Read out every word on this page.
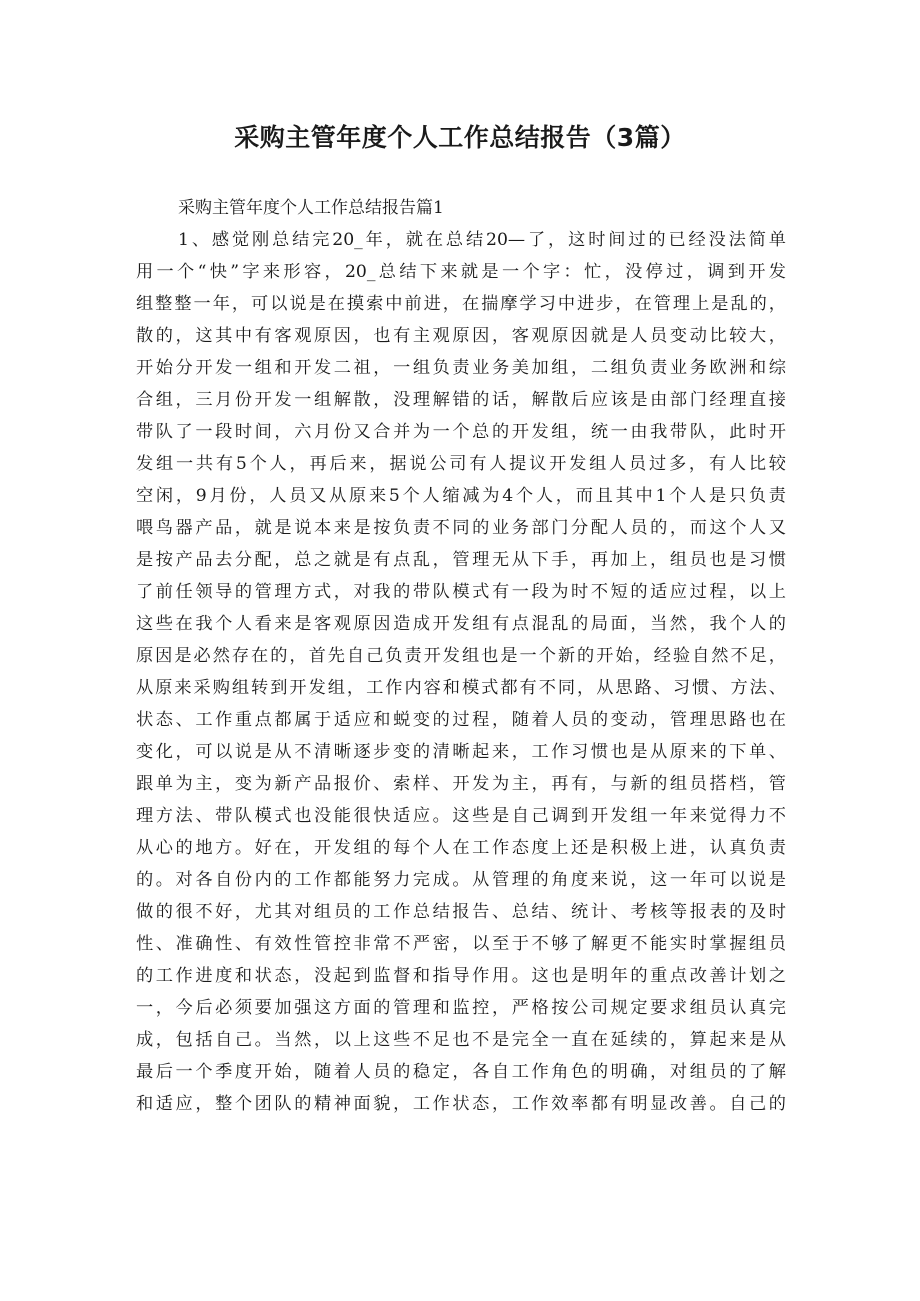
采购主管年度个人工作总结报告（3篇）

采购主管年度个人工作总结报告篇1

1、感觉刚总结完20_年，就在总结20—了，这时间过的已经没法简单

用一个“快”字来形容，20_总结下来就是一个字：忙，没停过，调到开发

组整整一年，可以说是在摸索中前进，在揣摩学习中进步，在管理上是乱的，

散的，这其中有客观原因，也有主观原因，客观原因就是人员变动比较大，

开始分开发一组和开发二祖，一组负责业务美加组，二组负责业务欧洲和综

合组，三月份开发一组解散，没理解错的话，解散后应该是由部门经理直接

带队了一段时间，六月份又合并为一个总的开发组，统一由我带队，此时开

发组一共有5个人，再后来，据说公司有人提议开发组人员过多，有人比较

空闲，9月份，人员又从原来5个人缩减为4个人，而且其中1个人是只负责

喂鸟器产品，就是说本来是按负责不同的业务部门分配人员的，而这个人又

是按产品去分配，总之就是有点乱，管理无从下手，再加上，组员也是习惯

了前任领导的管理方式，对我的带队模式有一段为时不短的适应过程，以上

这些在我个人看来是客观原因造成开发组有点混乱的局面，当然，我个人的

原因是必然存在的，首先自己负责开发组也是一个新的开始，经验自然不足，

从原来采购组转到开发组，工作内容和模式都有不同，从思路、习惯、方法、

状态、工作重点都属于适应和蜕变的过程，随着人员的变动，管理思路也在

变化，可以说是从不清晰逐步变的清晰起来，工作习惯也是从原来的下单、

跟单为主，变为新产品报价、索样、开发为主，再有，与新的组员搭档，管

理方法、带队模式也没能很快适应。这些是自己调到开发组一年来觉得力不

从心的地方。好在，开发组的每个人在工作态度上还是积极上进，认真负责

的。对各自份内的工作都能努力完成。从管理的角度来说，这一年可以说是

做的很不好，尤其对组员的工作总结报告、总结、统计、考核等报表的及时

性、准确性、有效性管控非常不严密，以至于不够了解更不能实时掌握组员

的工作进度和状态，没起到监督和指导作用。这也是明年的重点改善计划之

一，今后必须要加强这方面的管理和监控，严格按公司规定要求组员认真完

成，包括自己。当然，以上这些不足也不是完全一直在延续的，算起来是从

最后一个季度开始，随着人员的稳定，各自工作角色的明确，对组员的了解

和适应，整个团队的精神面貌，工作状态，工作效率都有明显改善。自己的
